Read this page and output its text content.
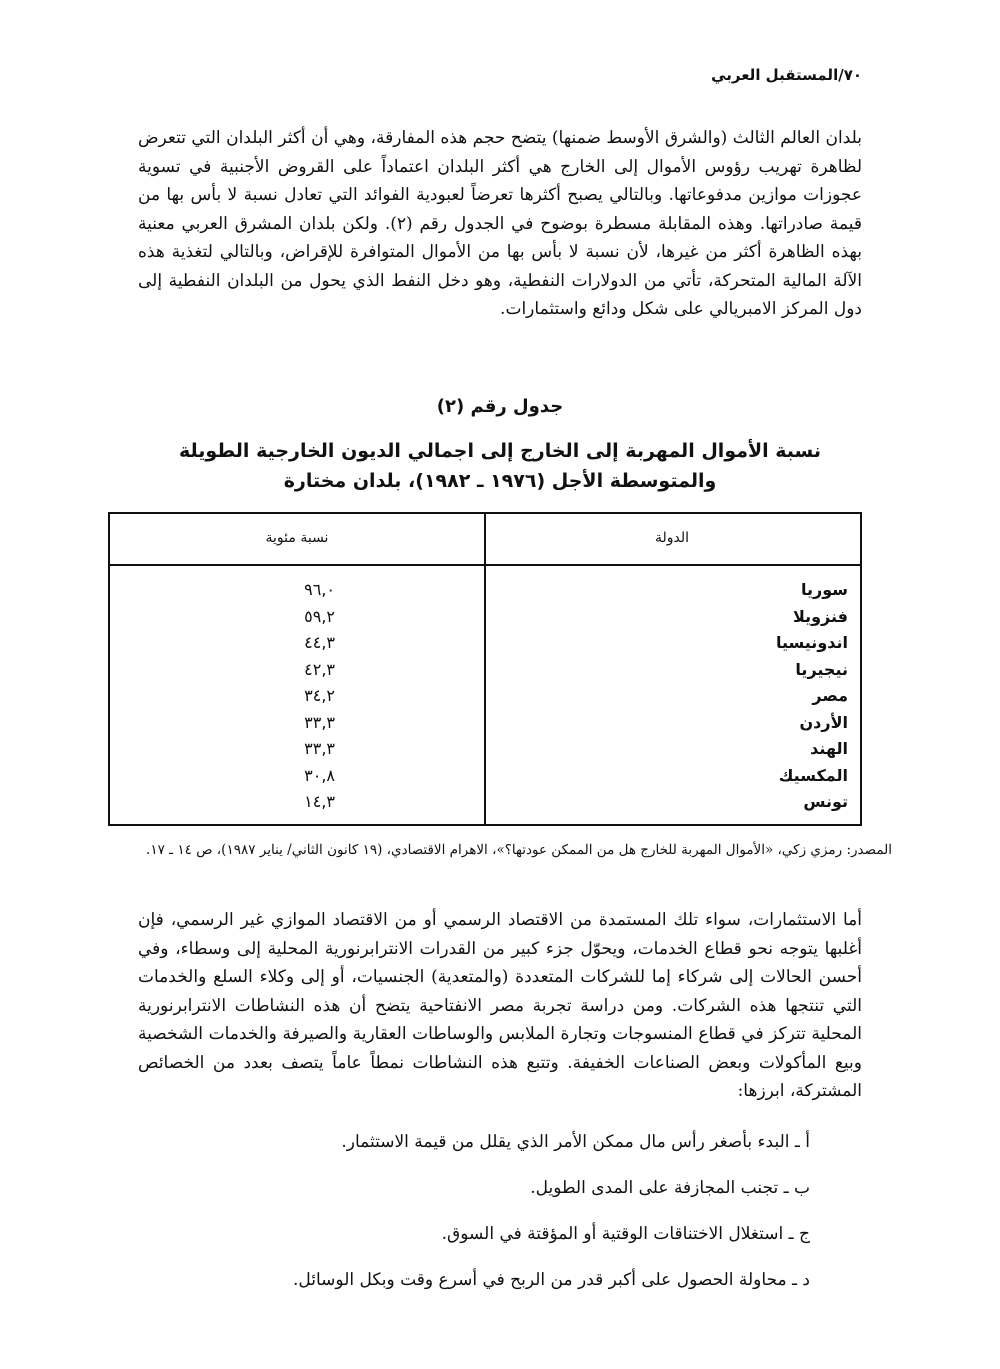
٧٠/المستقبل العربي

بلدان العالم الثالث (والشرق الأوسط ضمنها) يتضح حجم هذه المفارقة، وهي أن أكثر البلدان التي تتعرض لظاهرة تهريب رؤوس الأموال إلى الخارج هي أكثر البلدان اعتماداً على القروض الأجنبية في تسوية عجوزات موازين مدفوعاتها. وبالتالي يصبح أكثرها تعرضاً لعبودية الفوائد التي تعادل نسبة لا بأس بها من قيمة صادراتها. وهذه المقابلة مسطرة بوضوح في الجدول رقم (٢). ولكن بلدان المشرق العربي معنية بهذه الظاهرة أكثر من غيرها، لأن نسبة لا بأس بها من الأموال المتوافرة للإقراض، وبالتالي لتغذية هذه الآلة المالية المتحركة، تأتي من الدولارات النفطية، وهو دخل النفط الذي يحول من البلدان النفطية إلى دول المركز الامبريالي على شكل ودائع واستثمارات.

جدول رقم (٢)
نسبة الأموال المهربة إلى الخارج إلى اجمالي الديون الخارجية الطويلة والمتوسطة الأجل (١٩٧٦ ـ ١٩٨٢)، بلدان مختارة
الدولة
نسبة مئوية
سوريا
٩٦,٠
فنزويلا
٥٩,٢
اندونيسيا
٤٤,٣
نيجيريا
٤٢,٣
مصر
٣٤,٢
الأردن
٣٣,٣
الهند
٣٣,٣
المكسيك
٣٠,٨
تونس
١٤,٣
المصدر: رمزي زكي، «الأموال المهربة للخارج هل من الممكن عودتها؟»، الاهرام الاقتصادي، (١٩ كانون الثاني/ يناير ١٩٨٧)، ص ١٤ ـ ١٧.

أما الاستثمارات، سواء تلك المستمدة من الاقتصاد الرسمي أو من الاقتصاد الموازي غير الرسمي، فإن أغلبها يتوجه نحو قطاع الخدمات، ويحوّل جزء كبير من القدرات الانترابرنورية المحلية إلى وسطاء، وفي أحسن الحالات إلى شركاء إما للشركات المتعددة (والمتعدية) الجنسيات، أو إلى وكلاء السلع والخدمات التي تنتجها هذه الشركات. ومن دراسة تجربة مصر الانفتاحية يتضح أن هذه النشاطات الانترابرنورية المحلية تتركز في قطاع المنسوجات وتجارة الملابس والوساطات العقارية والصيرفة والخدمات الشخصية وبيع المأكولات وبعض الصناعات الخفيفة. وتتبع هذه النشاطات نمطاً عاماً يتصف بعدد من الخصائص المشتركة، ابرزها:

أ ـ البدء بأصغر رأس مال ممكن الأمر الذي يقلل من قيمة الاستثمار.
ب ـ تجنب المجازفة على المدى الطويل.
ج ـ استغلال الاختناقات الوقتية أو المؤقتة في السوق.
د ـ محاولة الحصول على أكبر قدر من الربح في أسرع وقت وبكل الوسائل.
